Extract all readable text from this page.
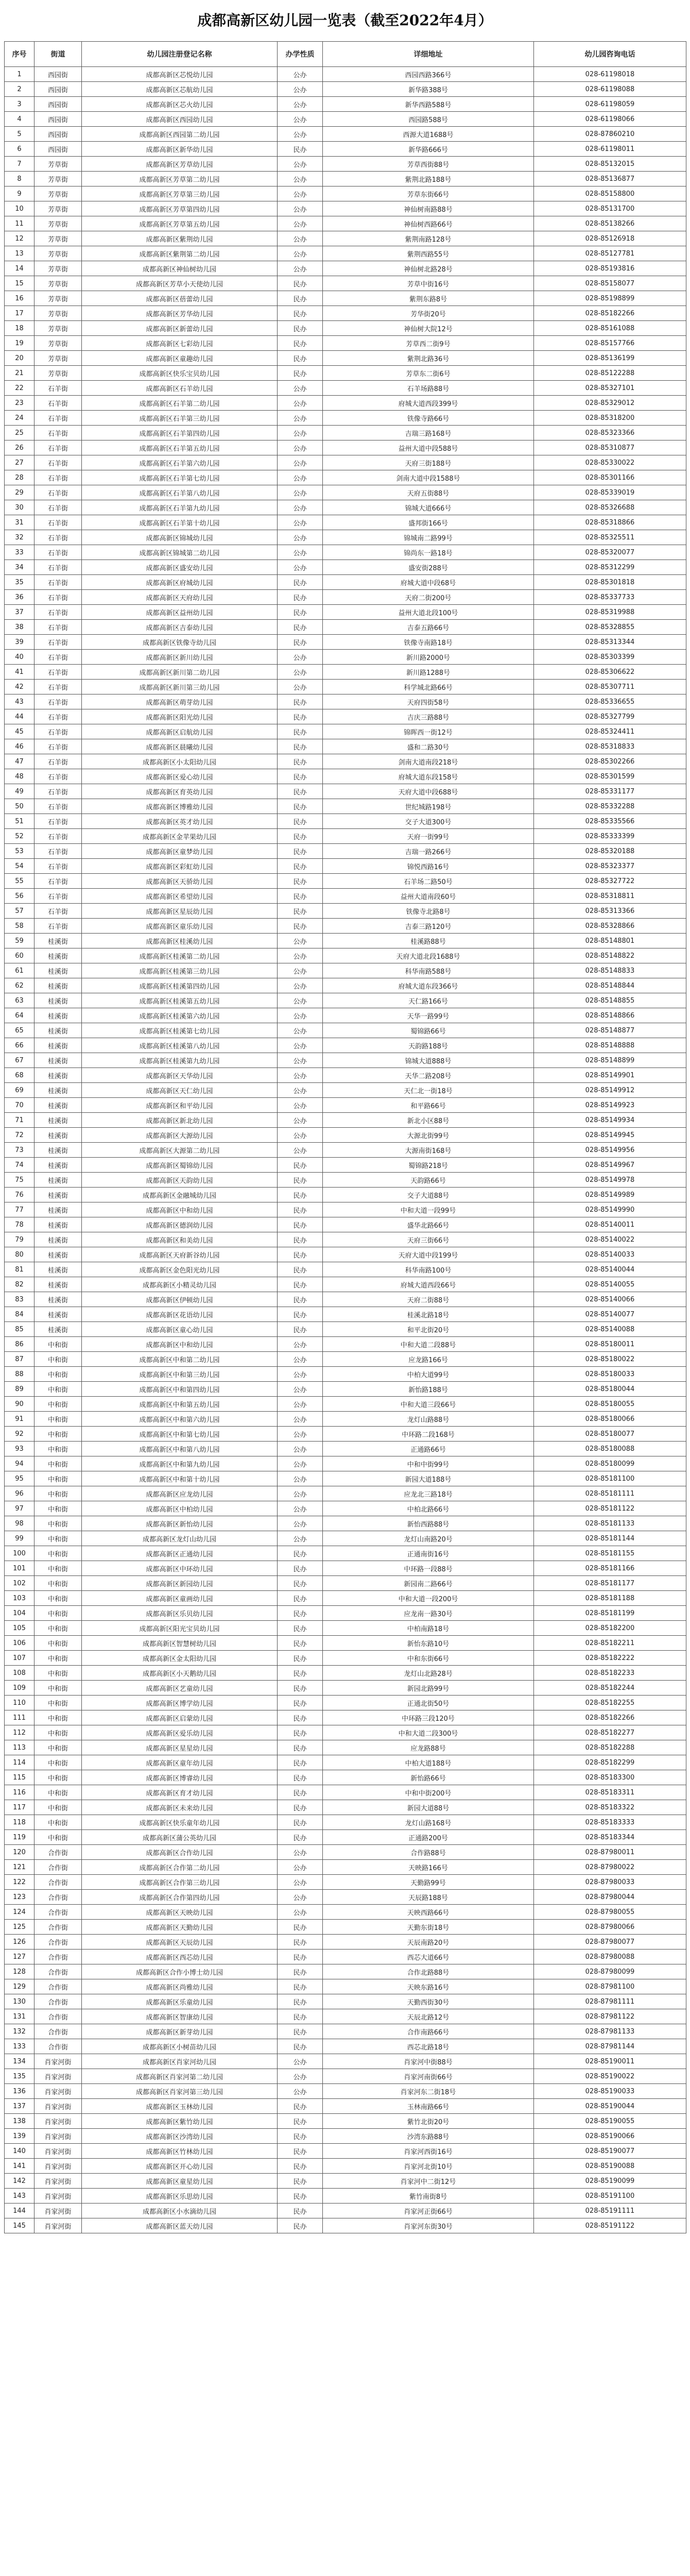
成都高新区幼儿园一览表（截至2022年4月）
序号	街道	幼儿园注册登记名称	办学性质	详细地址	幼儿园咨询电话
1	西园街	成都高新区芯悦幼儿园	公办	西园西路366号	028-61198018
2	西园街	成都高新区芯航幼儿园	公办	新华路388号	028-61198088
3	西园街	成都高新区芯火幼儿园	公办	新华西路588号	028-61198059
4	西园街	成都高新区西园幼儿园	公办	西园路588号	028-61198066
5	西园街	成都高新区西园第二幼儿园	公办	西源大道1688号	028-87860210
6	西园街	成都高新区新华幼儿园	民办	新华路666号	028-61198011
7	芳草街	成都高新区芳草幼儿园	公办	芳草西街88号	028-85132015
8	芳草街	成都高新区芳草第二幼儿园	公办	紫荆北路188号	028-85136877
9	芳草街	成都高新区芳草第三幼儿园	公办	芳草东街66号	028-85158800
10	芳草街	成都高新区芳草第四幼儿园	公办	神仙树南路88号	028-85131700
11	芳草街	成都高新区芳草第五幼儿园	公办	神仙树西路66号	028-85138266
12	芳草街	成都高新区紫荆幼儿园	公办	紫荆南路128号	028-85126918
13	芳草街	成都高新区紫荆第二幼儿园	公办	紫荆西路55号	028-85127781
14	芳草街	成都高新区神仙树幼儿园	公办	神仙树北路28号	028-85193816
15	芳草街	成都高新区芳草小天使幼儿园	民办	芳草中街16号	028-85158077
16	芳草街	成都高新区蓓蕾幼儿园	民办	紫荆东路8号	028-85198899
17	芳草街	成都高新区芳华幼儿园	民办	芳华街20号	028-85182266
18	芳草街	成都高新区新蕾幼儿园	民办	神仙树大院12号	028-85161088
19	芳草街	成都高新区七彩幼儿园	民办	芳草西二街9号	028-85157766
20	芳草街	成都高新区童趣幼儿园	民办	紫荆北路36号	028-85136199
21	芳草街	成都高新区快乐宝贝幼儿园	民办	芳草东二街6号	028-85122288
22	石羊街	成都高新区石羊幼儿园	公办	石羊场路88号	028-85327101
23	石羊街	成都高新区石羊第二幼儿园	公办	府城大道西段399号	028-85329012
24	石羊街	成都高新区石羊第三幼儿园	公办	铁像寺路66号	028-85318200
25	石羊街	成都高新区石羊第四幼儿园	公办	吉瑞三路168号	028-85323366
26	石羊街	成都高新区石羊第五幼儿园	公办	益州大道中段588号	028-85310877
27	石羊街	成都高新区石羊第六幼儿园	公办	天府三街188号	028-85330022
28	石羊街	成都高新区石羊第七幼儿园	公办	剑南大道中段1588号	028-85301166
29	石羊街	成都高新区石羊第八幼儿园	公办	天府五街88号	028-85339019
30	石羊街	成都高新区石羊第九幼儿园	公办	锦城大道666号	028-85326688
31	石羊街	成都高新区石羊第十幼儿园	公办	盛邦街166号	028-85318866
32	石羊街	成都高新区锦城幼儿园	公办	锦城南二路99号	028-85325511
33	石羊街	成都高新区锦城第二幼儿园	公办	锦尚东一路18号	028-85320077
34	石羊街	成都高新区盛安幼儿园	公办	盛安街288号	028-85312299
35	石羊街	成都高新区府城幼儿园	民办	府城大道中段68号	028-85301818
36	石羊街	成都高新区天府幼儿园	民办	天府二街200号	028-85337733
37	石羊街	成都高新区益州幼儿园	民办	益州大道北段100号	028-85319988
38	石羊街	成都高新区吉泰幼儿园	民办	吉泰五路66号	028-85328855
39	石羊街	成都高新区铁像寺幼儿园	民办	铁像寺南路18号	028-85313344
40	石羊街	成都高新区新川幼儿园	公办	新川路2000号	028-85303399
41	石羊街	成都高新区新川第二幼儿园	公办	新川路1288号	028-85306622
42	石羊街	成都高新区新川第三幼儿园	公办	科学城北路66号	028-85307711
43	石羊街	成都高新区萌芽幼儿园	民办	天府四街58号	028-85336655
44	石羊街	成都高新区阳光幼儿园	民办	吉庆三路88号	028-85327799
45	石羊街	成都高新区启航幼儿园	民办	锦晖西一街12号	028-85324411
46	石羊街	成都高新区晨曦幼儿园	民办	盛和二路30号	028-85318833
47	石羊街	成都高新区小太阳幼儿园	民办	剑南大道南段218号	028-85302266
48	石羊街	成都高新区爱心幼儿园	民办	府城大道东段158号	028-85301599
49	石羊街	成都高新区育英幼儿园	民办	天府大道中段688号	028-85331177
50	石羊街	成都高新区博雅幼儿园	民办	世纪城路198号	028-85332288
51	石羊街	成都高新区英才幼儿园	民办	交子大道300号	028-85335566
52	石羊街	成都高新区金苹果幼儿园	民办	天府一街99号	028-85333399
53	石羊街	成都高新区童梦幼儿园	民办	吉瑞一路266号	028-85320188
54	石羊街	成都高新区彩虹幼儿园	民办	锦悦西路16号	028-85323377
55	石羊街	成都高新区天骄幼儿园	民办	石羊场二路50号	028-85327722
56	石羊街	成都高新区希望幼儿园	民办	益州大道南段60号	028-85318811
57	石羊街	成都高新区星辰幼儿园	民办	铁像寺北路8号	028-85313366
58	石羊街	成都高新区童乐幼儿园	民办	吉泰三路120号	028-85328866
59	桂溪街	成都高新区桂溪幼儿园	公办	桂溪路88号	028-85148801
60	桂溪街	成都高新区桂溪第二幼儿园	公办	天府大道北段1688号	028-85148822
61	桂溪街	成都高新区桂溪第三幼儿园	公办	科华南路588号	028-85148833
62	桂溪街	成都高新区桂溪第四幼儿园	公办	府城大道东段366号	028-85148844
63	桂溪街	成都高新区桂溪第五幼儿园	公办	天仁路166号	028-85148855
64	桂溪街	成都高新区桂溪第六幼儿园	公办	天华一路99号	028-85148866
65	桂溪街	成都高新区桂溪第七幼儿园	公办	蜀锦路66号	028-85148877
66	桂溪街	成都高新区桂溪第八幼儿园	公办	天韵路188号	028-85148888
67	桂溪街	成都高新区桂溪第九幼儿园	公办	锦城大道888号	028-85148899
68	桂溪街	成都高新区天华幼儿园	公办	天华二路208号	028-85149901
69	桂溪街	成都高新区天仁幼儿园	公办	天仁北一街18号	028-85149912
70	桂溪街	成都高新区和平幼儿园	公办	和平路66号	028-85149923
71	桂溪街	成都高新区新北幼儿园	公办	新北小区88号	028-85149934
72	桂溪街	成都高新区大源幼儿园	公办	大源北街99号	028-85149945
73	桂溪街	成都高新区大源第二幼儿园	公办	大源南街168号	028-85149956
74	桂溪街	成都高新区蜀锦幼儿园	民办	蜀锦路218号	028-85149967
75	桂溪街	成都高新区天韵幼儿园	民办	天韵路66号	028-85149978
76	桂溪街	成都高新区金融城幼儿园	民办	交子大道88号	028-85149989
77	桂溪街	成都高新区中和幼儿园	民办	中和大道一段99号	028-85149990
78	桂溪街	成都高新区德润幼儿园	民办	盛华北路66号	028-85140011
79	桂溪街	成都高新区和美幼儿园	民办	天府三街66号	028-85140022
80	桂溪街	成都高新区天府新谷幼儿园	民办	天府大道中段199号	028-85140033
81	桂溪街	成都高新区金色阳光幼儿园	民办	科华南路100号	028-85140044
82	桂溪街	成都高新区小精灵幼儿园	民办	府城大道西段66号	028-85140055
83	桂溪街	成都高新区伊顿幼儿园	民办	天府二街88号	028-85140066
84	桂溪街	成都高新区花语幼儿园	民办	桂溪北路18号	028-85140077
85	桂溪街	成都高新区童心幼儿园	民办	和平北街20号	028-85140088
86	中和街	成都高新区中和幼儿园	公办	中和大道二段88号	028-85180011
87	中和街	成都高新区中和第二幼儿园	公办	应龙路166号	028-85180022
88	中和街	成都高新区中和第三幼儿园	公办	中柏大道99号	028-85180033
89	中和街	成都高新区中和第四幼儿园	公办	新怡路188号	028-85180044
90	中和街	成都高新区中和第五幼儿园	公办	中和大道三段66号	028-85180055
91	中和街	成都高新区中和第六幼儿园	公办	龙灯山路88号	028-85180066
92	中和街	成都高新区中和第七幼儿园	公办	中环路二段168号	028-85180077
93	中和街	成都高新区中和第八幼儿园	公办	正通路66号	028-85180088
94	中和街	成都高新区中和第九幼儿园	公办	中和中街99号	028-85180099
95	中和街	成都高新区中和第十幼儿园	公办	新园大道188号	028-85181100
96	中和街	成都高新区应龙幼儿园	公办	应龙北三路18号	028-85181111
97	中和街	成都高新区中柏幼儿园	公办	中柏北路66号	028-85181122
98	中和街	成都高新区新怡幼儿园	公办	新怡西路88号	028-85181133
99	中和街	成都高新区龙灯山幼儿园	公办	龙灯山南路20号	028-85181144
100	中和街	成都高新区正通幼儿园	民办	正通南街16号	028-85181155
101	中和街	成都高新区中环幼儿园	民办	中环路一段88号	028-85181166
102	中和街	成都高新区新园幼儿园	民办	新园南二路66号	028-85181177
103	中和街	成都高新区童画幼儿园	民办	中和大道一段200号	028-85181188
104	中和街	成都高新区乐贝幼儿园	民办	应龙南一路30号	028-85181199
105	中和街	成都高新区阳光宝贝幼儿园	民办	中柏南路18号	028-85182200
106	中和街	成都高新区智慧树幼儿园	民办	新怡东路10号	028-85182211
107	中和街	成都高新区金太阳幼儿园	民办	中和东街66号	028-85182222
108	中和街	成都高新区小天鹅幼儿园	民办	龙灯山北路28号	028-85182233
109	中和街	成都高新区艺童幼儿园	民办	新园北路99号	028-85182244
110	中和街	成都高新区博学幼儿园	民办	正通北街50号	028-85182255
111	中和街	成都高新区启蒙幼儿园	民办	中环路三段120号	028-85182266
112	中和街	成都高新区爱乐幼儿园	民办	中和大道二段300号	028-85182277
113	中和街	成都高新区星星幼儿园	民办	应龙路88号	028-85182288
114	中和街	成都高新区童年幼儿园	民办	中柏大道188号	028-85182299
115	中和街	成都高新区博睿幼儿园	民办	新怡路66号	028-85183300
116	中和街	成都高新区育才幼儿园	民办	中和中街200号	028-85183311
117	中和街	成都高新区未来幼儿园	民办	新园大道88号	028-85183322
118	中和街	成都高新区快乐童年幼儿园	民办	龙灯山路168号	028-85183333
119	中和街	成都高新区蒲公英幼儿园	民办	正通路200号	028-85183344
120	合作街	成都高新区合作幼儿园	公办	合作路88号	028-87980011
121	合作街	成都高新区合作第二幼儿园	公办	天映路166号	028-87980022
122	合作街	成都高新区合作第三幼儿园	公办	天勤路99号	028-87980033
123	合作街	成都高新区合作第四幼儿园	公办	天辰路188号	028-87980044
124	合作街	成都高新区天映幼儿园	公办	天映西路66号	028-87980055
125	合作街	成都高新区天勤幼儿园	民办	天勤东街18号	028-87980066
126	合作街	成都高新区天辰幼儿园	民办	天辰南路20号	028-87980077
127	合作街	成都高新区西芯幼儿园	民办	西芯大道66号	028-87980088
128	合作街	成都高新区合作小博士幼儿园	民办	合作北路88号	028-87980099
129	合作街	成都高新区尚雅幼儿园	民办	天映东路16号	028-87981100
130	合作街	成都高新区乐童幼儿园	民办	天勤西街30号	028-87981111
131	合作街	成都高新区智康幼儿园	民办	天辰北路12号	028-87981122
132	合作街	成都高新区新芽幼儿园	民办	合作南路66号	028-87981133
133	合作街	成都高新区小树苗幼儿园	民办	西芯北路18号	028-87981144
134	肖家河街	成都高新区肖家河幼儿园	公办	肖家河中街88号	028-85190011
135	肖家河街	成都高新区肖家河第二幼儿园	公办	肖家河南街66号	028-85190022
136	肖家河街	成都高新区肖家河第三幼儿园	公办	肖家河东二街18号	028-85190033
137	肖家河街	成都高新区玉林幼儿园	民办	玉林南路66号	028-85190044
138	肖家河街	成都高新区紫竹幼儿园	民办	紫竹北街20号	028-85190055
139	肖家河街	成都高新区沙湾幼儿园	民办	沙湾东路88号	028-85190066
140	肖家河街	成都高新区竹林幼儿园	民办	肖家河西街16号	028-85190077
141	肖家河街	成都高新区开心幼儿园	民办	肖家河北街10号	028-85190088
142	肖家河街	成都高新区童星幼儿园	民办	肖家河中二街12号	028-85190099
143	肖家河街	成都高新区乐思幼儿园	民办	紫竹南街8号	028-85191100
144	肖家河街	成都高新区小水滴幼儿园	民办	肖家河正街66号	028-85191111
145	肖家河街	成都高新区蓝天幼儿园	民办	肖家河东街30号	028-85191122
